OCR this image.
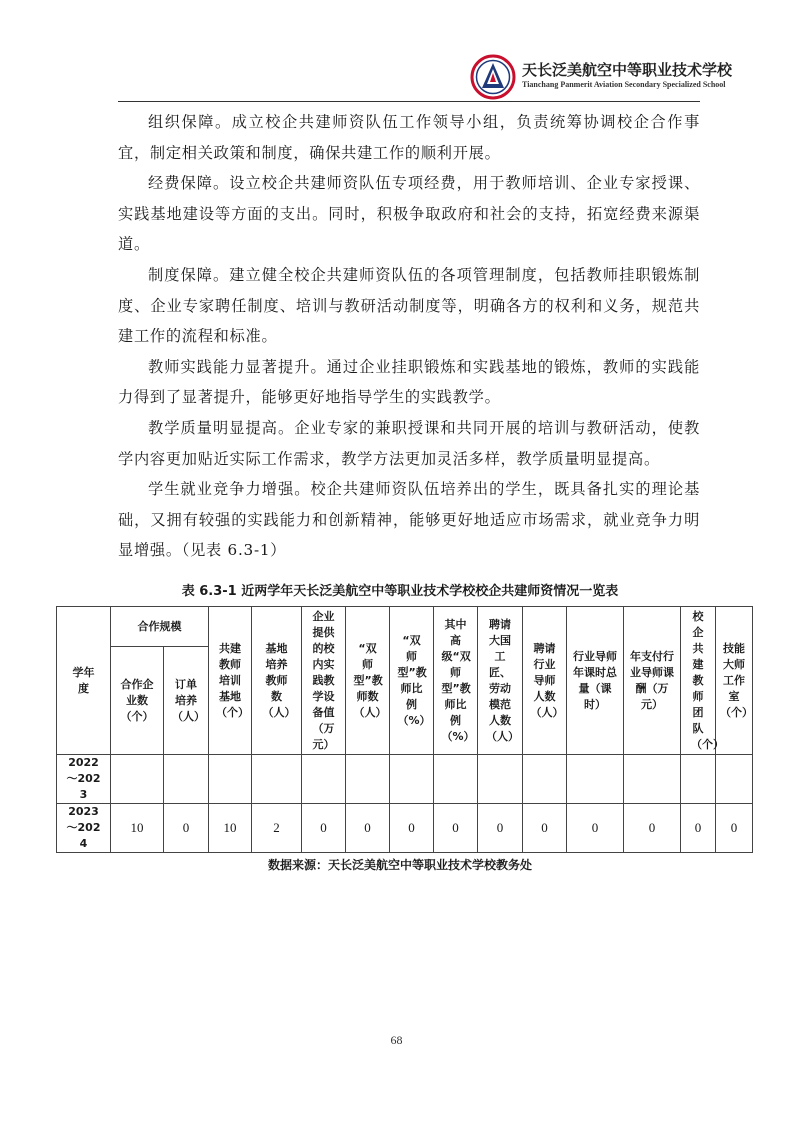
天长泛美航空中等职业技术学校
Tianchang Panmerit Aviation Secondary Specialized School

组织保障。成立校企共建师资队伍工作领导小组，负责统筹协调校企合作事宜，制定相关政策和制度，确保共建工作的顺利开展。

经费保障。设立校企共建师资队伍专项经费，用于教师培训、企业专家授课、实践基地建设等方面的支出。同时，积极争取政府和社会的支持，拓宽经费来源渠道。

制度保障。建立健全校企共建师资队伍的各项管理制度，包括教师挂职锻炼制度、企业专家聘任制度、培训与教研活动制度等，明确各方的权利和义务，规范共建工作的流程和标准。

教师实践能力显著提升。通过企业挂职锻炼和实践基地的锻炼，教师的实践能力得到了显著提升，能够更好地指导学生的实践教学。

教学质量明显提高。企业专家的兼职授课和共同开展的培训与教研活动，使教学内容更加贴近实际工作需求，教学方法更加灵活多样，教学质量明显提高。

学生就业竞争力增强。校企共建师资队伍培养出的学生，既具备扎实的理论基础，又拥有较强的实践能力和创新精神，能够更好地适应市场需求，就业竞争力明显增强。（见表 6.3-1）

表 6.3-1 近两学年天长泛美航空中等职业技术学校校企共建师资情况一览表
学年度	合作规模		共建教师培训基地（个）	基地培养教师数（人）	企业提供的校内实践教学设备值（万元）	“双师型”教师数（人）	“双师型”教师比例（%）	其中高级“双师型”教师比例（%）	聘请大国工匠、劳动模范人数（人）	聘请行业导师人数（人）	行业导师年课时总量（课时）	年支付行业导师课酬（万元）	校企共建教师团队（个）	技能大师工作室（个）
	合作企业数（个）	订单培养（人）												
2022～2023														
2023～2024	10	0	10	2	0	0	0	0	0	0	0	0	0	0
数据来源：天长泛美航空中等职业技术学校教务处
68
